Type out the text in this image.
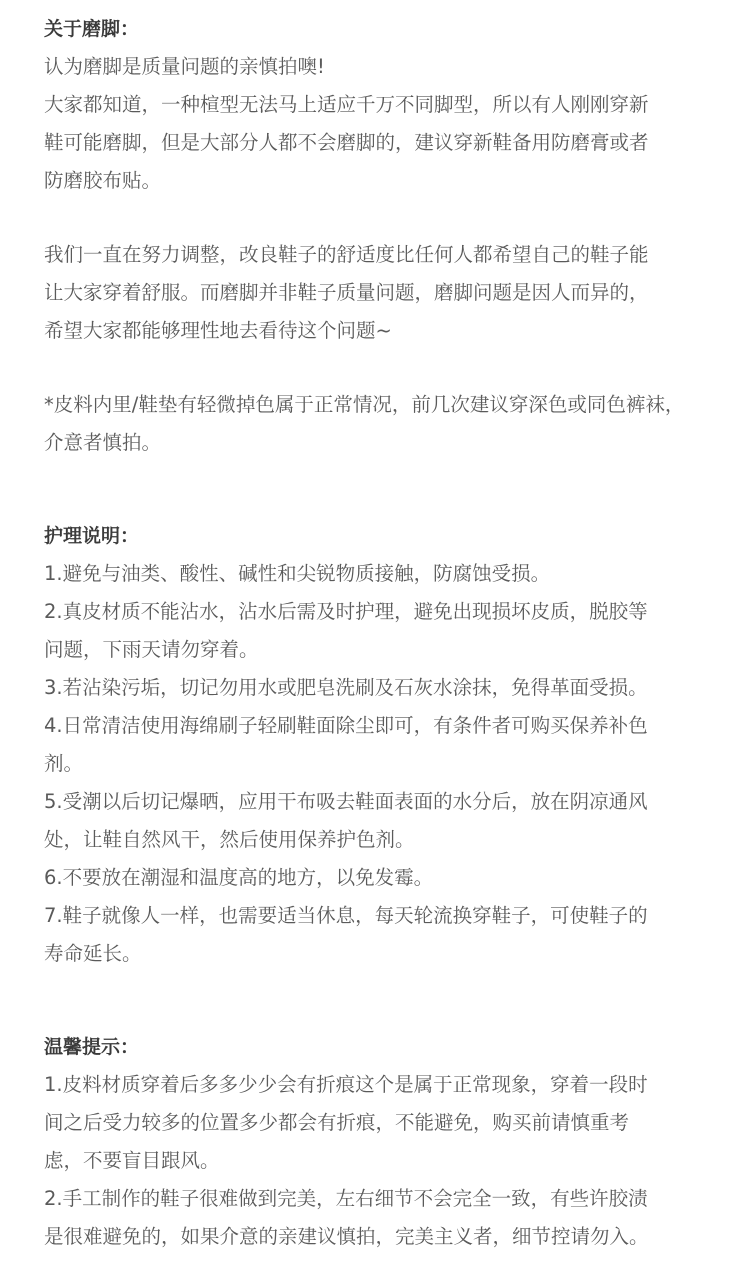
关于磨脚：
认为磨脚是质量问题的亲慎拍噢!
大家都知道，一种楦型无法马上适应千万不同脚型，所以有人刚刚穿新
鞋可能磨脚，但是大部分人都不会磨脚的，建议穿新鞋备用防磨膏或者
防磨胶布贴。
我们一直在努力调整，改良鞋子的舒适度比任何人都希望自己的鞋子能
让大家穿着舒服。而磨脚并非鞋子质量问题，磨脚问题是因人而异的，
希望大家都能够理性地去看待这个问题~
*皮料内里/鞋垫有轻微掉色属于正常情况，前几次建议穿深色或同色裤袜，
介意者慎拍。
护理说明：
1.避免与油类、酸性、碱性和尖锐物质接触，防腐蚀受损。
2.真皮材质不能沾水，沾水后需及时护理，避免出现损坏皮质，脱胶等
问题，下雨天请勿穿着。
3.若沾染污垢，切记勿用水或肥皂洗刷及石灰水涂抹，免得革面受损。
4.日常清洁使用海绵刷子轻刷鞋面除尘即可，有条件者可购买保养补色
剂。
5.受潮以后切记爆晒，应用干布吸去鞋面表面的水分后，放在阴凉通风
处，让鞋自然风干，然后使用保养护色剂。
6.不要放在潮湿和温度高的地方，以免发霉。
7.鞋子就像人一样，也需要适当休息，每天轮流换穿鞋子，可使鞋子的
寿命延长。
温馨提示：
1.皮料材质穿着后多多少少会有折痕这个是属于正常现象，穿着一段时
间之后受力较多的位置多少都会有折痕，不能避免，购买前请慎重考
虑，不要盲目跟风。
2.手工制作的鞋子很难做到完美，左右细节不会完全一致，有些许胶渍
是很难避免的，如果介意的亲建议慎拍，完美主义者，细节控请勿入。
